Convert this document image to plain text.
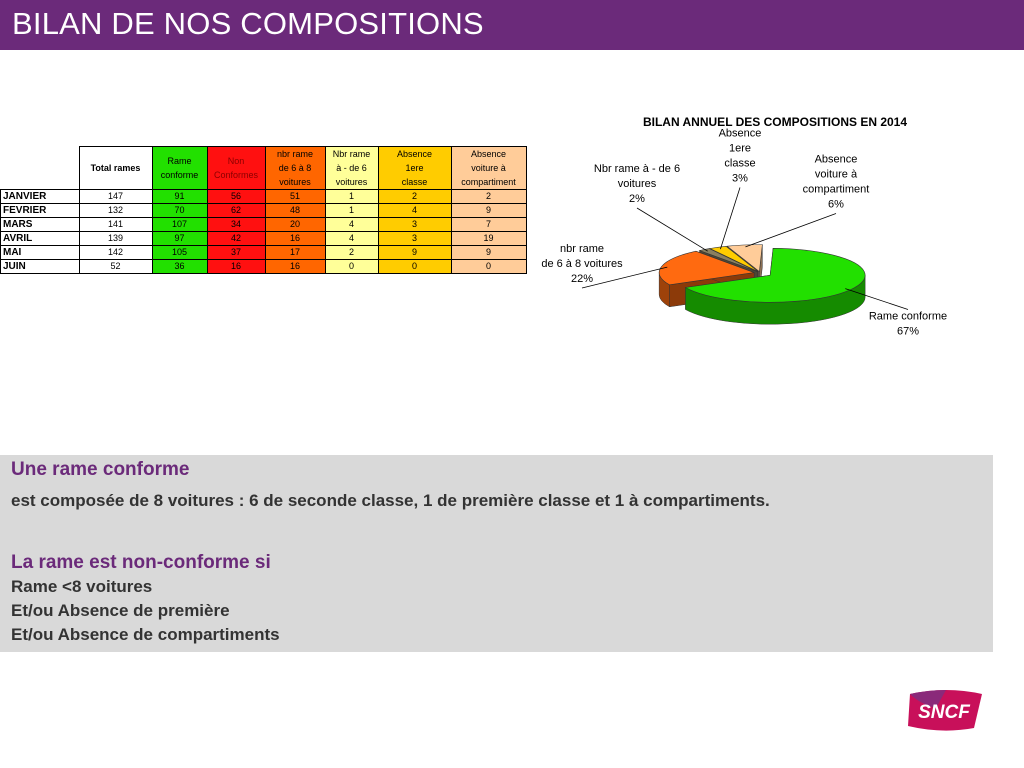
BILAN DE NOS COMPOSITIONS
	Total rames	Rame
conforme	Non
Conformes	nbr rame
de 6 à 8
voitures	Nbr rame
à - de 6
voitures	Absence
1ere
classe	Absence
voiture à
compartiment
JANVIER	147	91	56	51	1	2	2
FEVRIER	132	70	62	48	1	4	9
MARS	141	107	34	20	4	3	7
AVRIL	139	97	42	16	4	3	19
MAI	142	105	37	17	2	9	9
JUIN	52	36	16	16	0	0	0
BILAN ANNUEL DES COMPOSITIONS EN 2014
Rame conforme
67%
nbr rame
de 6 à 8 voitures
22%
Nbr rame à - de 6
voitures
2%
Absence
1ere
classe
3%
Absence
voiture à
compartiment
6%
Une rame conforme
est composée de 8 voitures : 6 de seconde classe, 1 de première classe et 1 à compartiments.
La rame est non-conforme si
Rame <8 voitures
Et/ou Absence de première
Et/ou Absence de compartiments
SNCF
